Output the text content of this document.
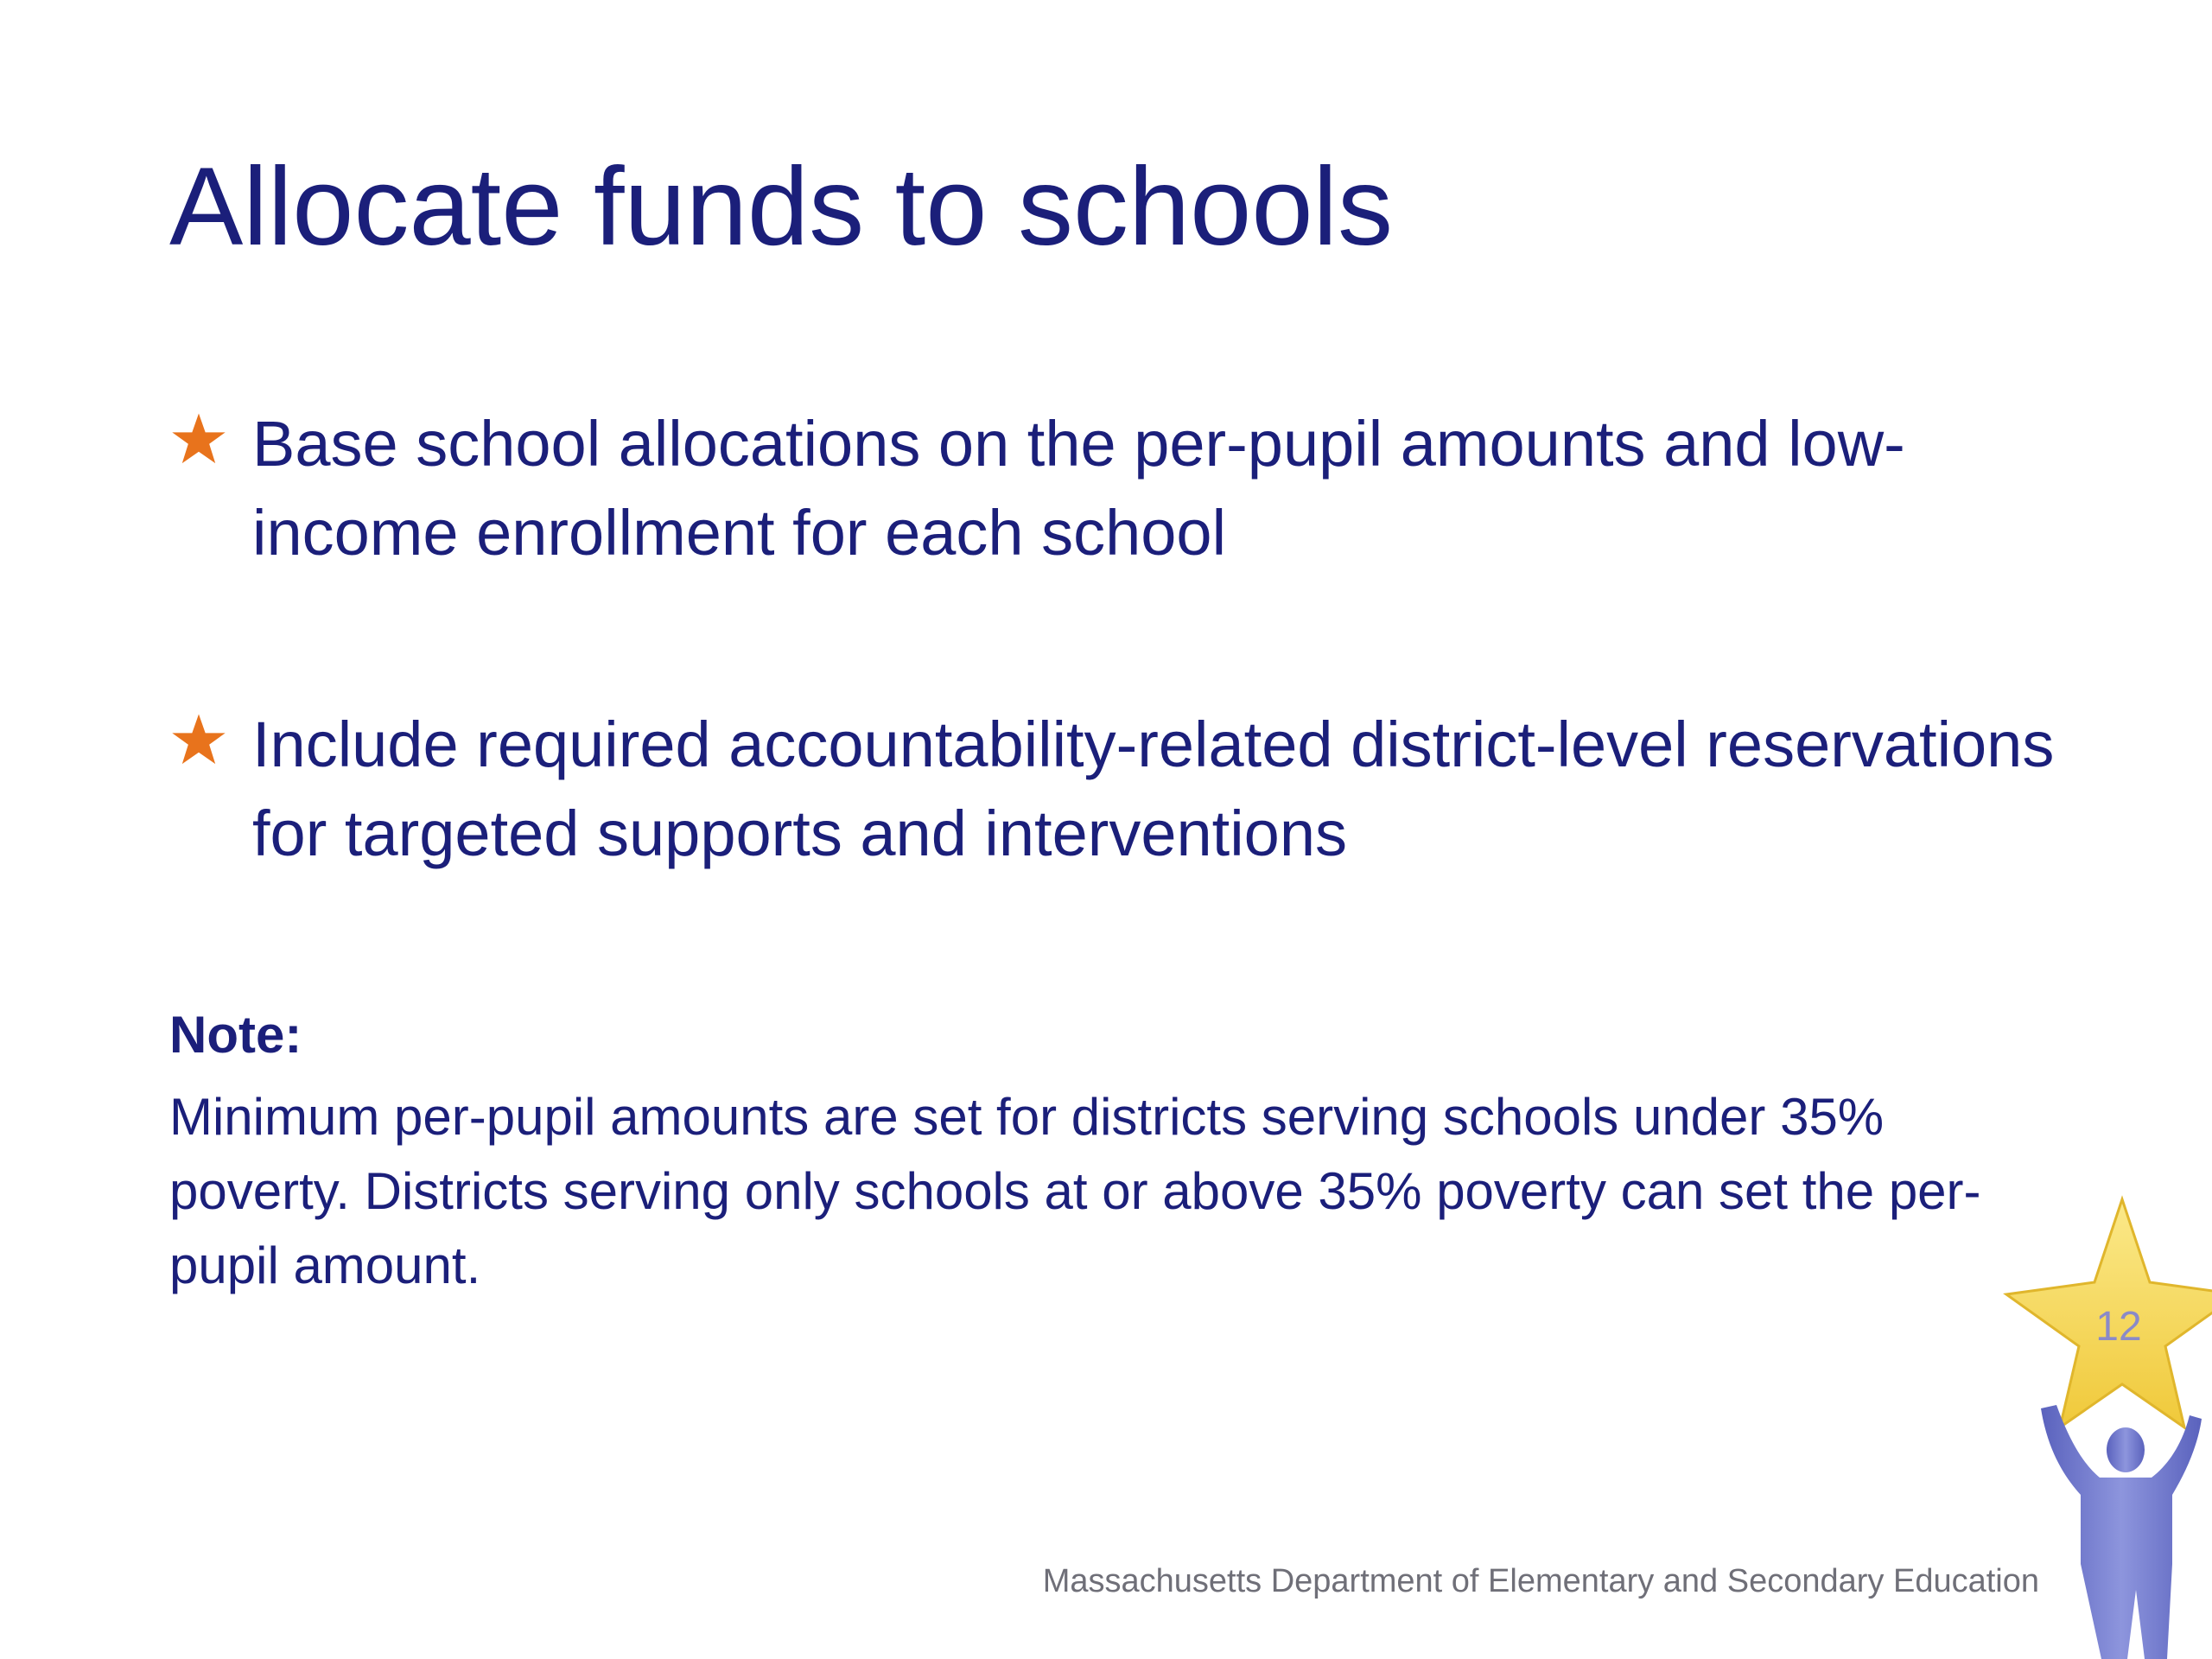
Allocate funds to schools
Base school allocations on the per-pupil amounts and low-income enrollment for each school
Include required accountability-related district-level reservations for targeted supports and interventions

Note:

Minimum per-pupil amounts are set for districts serving schools under 35% poverty. Districts serving only schools at or above 35% poverty can set the per-pupil amount.

Massachusetts Department of Elementary and Secondary Education
12
